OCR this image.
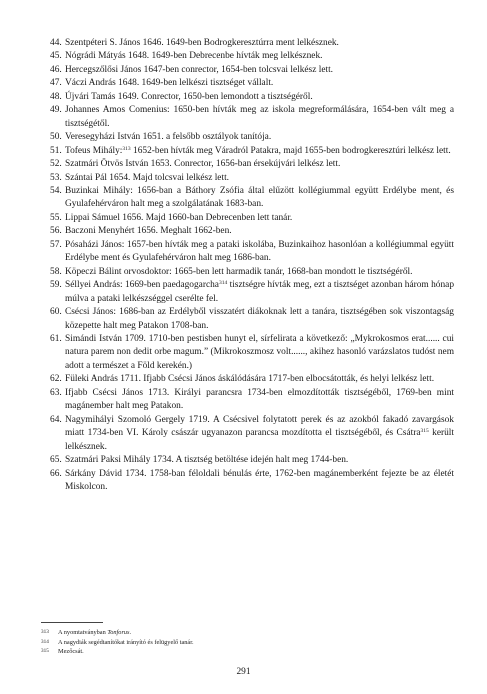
44. Szentpéteri S. János 1646. 1649-ben Bodrogkeresztúrra ment lelkésznek.
45. Nógrádi Mátyás 1648. 1649-ben Debrecenbe hívták meg lelkésznek.
46. Hercegszőlősi János 1647-ben conrector, 1654-ben tolcsvai lelkész lett.
47. Váczi András 1648. 1649-ben lelkészi tisztséget vállalt.
48. Újvári Tamás 1649. Conrector, 1650-ben lemondott a tisztségéről.
49. Johannes Amos Comenius: 1650-ben hívták meg az iskola megreformálására, 1654-ben vált meg a tisztségétől.
50. Veresegyházi István 1651. a felsőbb osztályok tanítója.
51. Tofeus Mihály:$^{313}$ 1652-ben hívták meg Váradról Patakra, majd 1655-ben bodrogkeresztúri lelkész lett.
52. Szatmári Ötvös István 1653. Conrector, 1656-ban érsekújvári lelkész lett.
53. Szántai Pál 1654. Majd tolcsvai lelkész lett.
54. Buzinkai Mihály: 1656-ban a Báthory Zsófia által elűzött kollégiummal együtt Erdélybe ment, és Gyulafehérváron halt meg a szolgálatának 1683-ban.
55. Lippai Sámuel 1656. Majd 1660-ban Debrecenben lett tanár.
56. Baczoni Menyhért 1656. Meghalt 1662-ben.
57. Pósaházi János: 1657-ben hívták meg a pataki iskolába, Buzinkaihoz hasonlóan a kollégiummal együtt Erdélybe ment és Gyulafehérváron halt meg 1686-ban.
58. Köpeczi Bálint orvosdoktor: 1665-ben lett harmadik tanár, 1668-ban mondott le tisztségéről.
59. Séllyei András: 1669-ben paedagogarcha$^{314}$ tisztségre hívták meg, ezt a tisztséget azonban három hónap múlva a pataki lelkészséggel cserélte fel.
60. Csécsi János: 1686-ban az Erdélyből visszatért diákoknak lett a tanára, tisztségében sok viszontagság közepette halt meg Patakon 1708-ban.
61. Simándi István 1709. 1710-ben pestisben hunyt el, sírfelirata a következő: „Mykrokosmos erat...... cui natura parem non dedit orbe magum.” (Mikrokoszmosz volt......, akihez hasonló varázslatos tudóst nem adott a természet a Föld kerekén.)
62. Füleki András 1711. Ifjabb Csécsi János áskálódására 1717-ben elbocsátották, és helyi lelkész lett.
63. Ifjabb Csécsi János 1713. Királyi parancsra 1734-ben elmozdították tisztségéből, 1769-ben mint magánember halt meg Patakon.
64. Nagymihályi Szomoló Gergely 1719. A Csécsivel folytatott perek és az azokból fakadó zavargások miatt 1734-ben VI. Károly császár ugyanazon parancsa mozdította el tisztségéből, és Csátra$^{315}$ került lelkésznek.
65. Szatmári Paksi Mihály 1734. A tisztség betöltése idején halt meg 1744-ben.
66. Sárkány Dávid 1734. 1758-ban féloldali bénulás érte, 1762-ben magánemberként fejezte be az életét Miskolcon.

313 A nyomtatványban Tonforus.

314 A nagydiák segédtanítókat irányító és felügyelő tanár.

315 Mezőcsát.

291
